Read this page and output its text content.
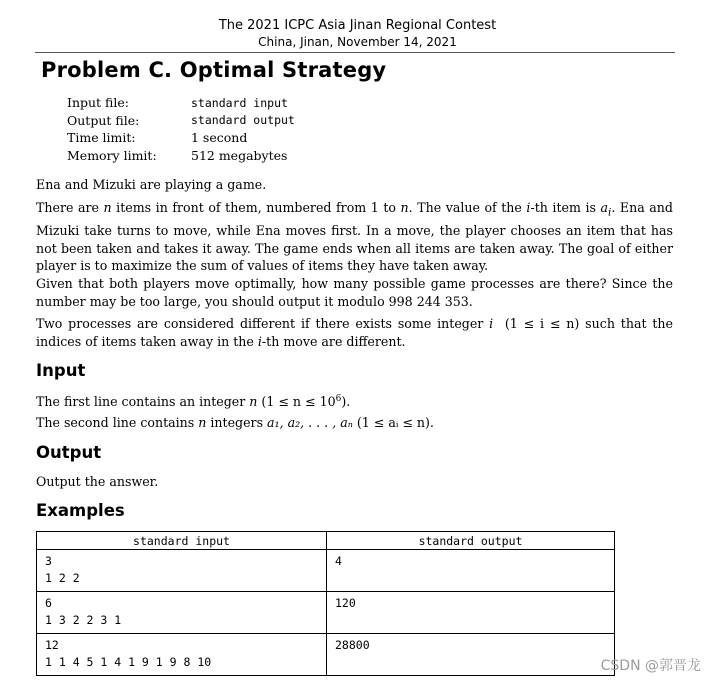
The 2021 ICPC Asia Jinan Regional Contest
China, Jinan, November 14, 2021
Problem C. Optimal Strategy
Input file:	standard input
Output file:	standard output
Time limit:	1 second
Memory limit:	512 megabytes
Ena and Mizuki are playing a game.
There are n items in front of them, numbered from 1 to n. The value of the i-th item is $a_i$. Ena and Mizuki take turns to move, while Ena moves first. In a move, the player chooses an item that has not been taken and takes it away. The game ends when all items are taken away. The goal of either player is to maximize the sum of values of items they have taken away.
Given that both players move optimally, how many possible game processes are there? Since the number may be too large, you should output it modulo 998 244 353.
Two processes are considered different if there exists some integer i (1 ≤ i ≤ n) such that the indices of items taken away in the i-th move are different.
Input
The first line contains an integer n $(1 \le n \le 10^6)$.
The second line contains n integers a₁, a₂, . . . , aₙ (1 ≤ aᵢ ≤ n).
Output
Output the answer.
Examples
standard input	standard output

3
1 2 2	4

6
1 3 2 2 3 1	120

12
1 1 4 5 1 4 1 9 1 9 8 10	28800
CSDN @郭晋龙
